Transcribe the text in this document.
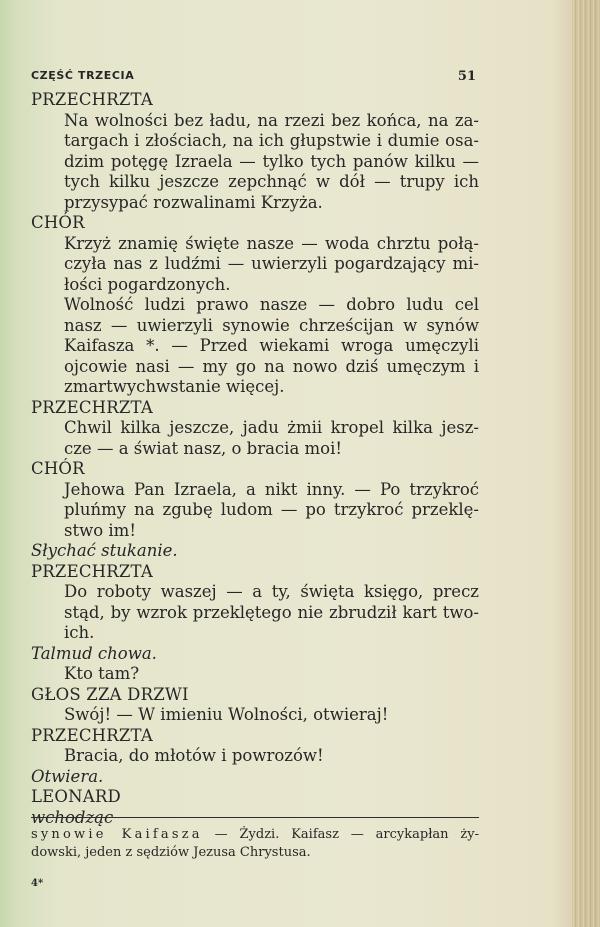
CZĘŚĆ TRZECIA	51
PRZECHRZTA
Na wolności bez ładu, na rzezi bez końca, na za-
targach i złościach, na ich głupstwie i dumie osa-
dzim potęgę Izraela — tylko tych panów kilku —
tych kilku jeszcze zepchnąć w dół — trupy ich
przysypać rozwalinami Krzyża.
CHÓR
Krzyż znamię święte nasze — woda chrztu połą-
czyła nas z ludźmi — uwierzyli pogardzający mi-
łości pogardzonych.
Wolność ludzi prawo nasze — dobro ludu cel
nasz — uwierzyli synowie chrześcijan w synów
Kaifasza *. — Przed wiekami wroga umęczyli
ojcowie nasi — my go na nowo dziś umęczym i
zmartwychwstanie więcej.
PRZECHRZTA
Chwil kilka jeszcze, jadu żmii kropel kilka jesz-
cze — a świat nasz, o bracia moi!
CHÓR
Jehowa Pan Izraela, a nikt inny. — Po trzykroć
pluńmy na zgubę ludom — po trzykroć przeklę-
stwo im!
Słychać stukanie.
PRZECHRZTA
Do roboty waszej — a ty, święta księgo, precz
stąd, by wzrok przeklętego nie zbrudził kart two-
ich.
Talmud chowa.
Kto tam?
GŁOS ZZA DRZWI
Swój! — W imieniu Wolności, otwieraj!
PRZECHRZTA
Bracia, do młotów i powrozów!
Otwiera.
LEONARD
wchodząc
synowie Kaifasza — Żydzi. Kaifasz — arcykapłan ży-
dowski, jeden z sędziów Jezusa Chrystusa.
4*
